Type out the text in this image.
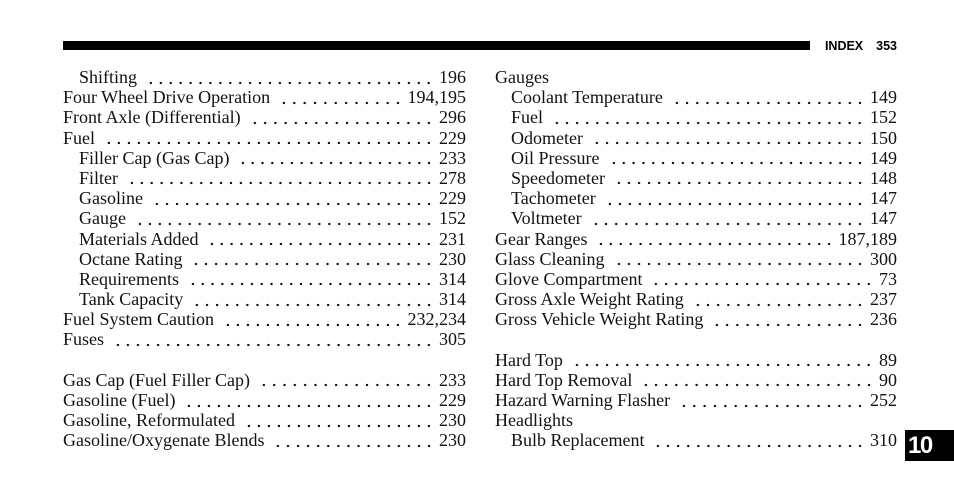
INDEX 353
Shifting	196
Four Wheel Drive Operation	194,195
Front Axle (Differential)	296
Fuel	229
Filler Cap (Gas Cap)	233
Filter	278
Gasoline	229
Gauge	152
Materials Added	231
Octane Rating	230
Requirements	314
Tank Capacity	314
Fuel System Caution	232,234
Fuses	305
Gas Cap (Fuel Filler Cap)	233
Gasoline (Fuel)	229
Gasoline, Reformulated	230
Gasoline/Oxygenate Blends	230
Gauges
Coolant Temperature	149
Fuel	152
Odometer	150
Oil Pressure	149
Speedometer	148
Tachometer	147
Voltmeter	147
Gear Ranges	187,189
Glass Cleaning	300
Glove Compartment	73
Gross Axle Weight Rating	237
Gross Vehicle Weight Rating	236
Hard Top	89
Hard Top Removal	90
Hazard Warning Flasher	252
Headlights
Bulb Replacement	310 10
